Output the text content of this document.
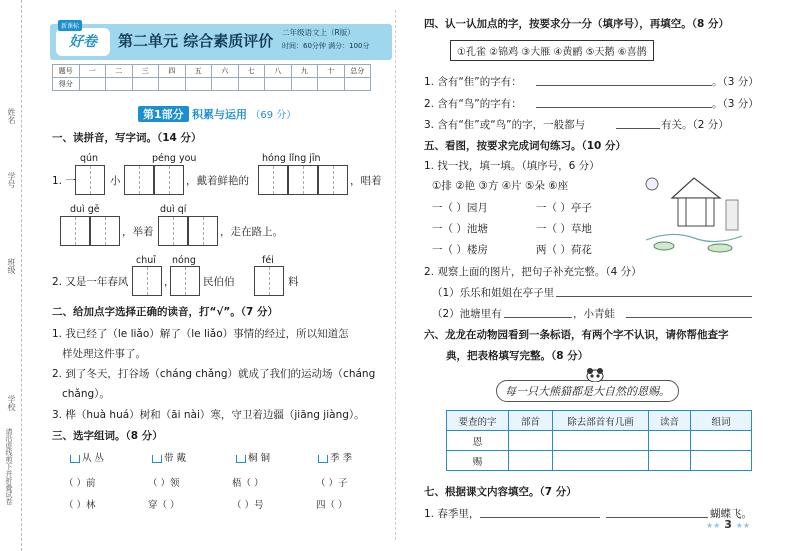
姓名
学号
班级
学校
请沿虚线剪下并折叠试卷
好卷
新课标
第二单元 综合素质评价 二年级语文上（R版）
时间：60分钟 满分：100分
题号	一	二	三	四	五	六	七	八	九	十	总分
得分											
第1部分 积累与运用 （69 分）
一、读拼音，写字词。（14 分）
qún	péng you	hóng lǐng jīn
1. 一	小	，戴着鲜艳的	，唱着
duì gē	duì qí
，举着	，走在路上。
chuī nóng	féi
2. 又是一年春风	，	民伯伯	料
二、给加点字选择正确的读音，打“√”。（7 分）
1. 我已经了（le liǎo）解了（le liǎo）事情的经过，所以知道怎
样处理这件事了。
2. 到了冬天，打谷场（cháng chǎng）就成了我们的运动场（cháng
chǎng）。
3. 桦（huà huá）树和（āi nài）寒，守卫着边疆（jiāng jiàng）。
三、选字组词。（8 分）
从 丛	带 戴	桐 铜	季 季
（ ）前	（ ）领	梧（ ）	（ ）子
（ ）林	穿（ ）	（ ）号	四（ ）
四、认一认加点的字，按要求分一分（填序号），再填空。（8 分）
①孔雀 ②锦鸡 ③大雁 ④黄鹂 ⑤天鹅 ⑥喜鹊
1. 含有“隹”的字有：	。（3 分）
2. 含有“鸟”的字有：	。（3 分）
3. 含有“隹”或“鸟”的字，一般都与	有关。（2 分）
五、看图，按要求完成词句练习。（10 分）
1. 找一找，填一填。（填序号，6 分）
①排 ②艳 ③方 ④片 ⑤朵 ⑥座
一（ ）园月	一（ ）亭子
一（ ）池塘	一（ ）草地
一（ ）楼房	两（ ）荷花
2. 观察上面的图片，把句子补充完整。（4 分）
（1）乐乐和姐姐在亭子里
（2）池塘里有	，小青蛙
六、龙龙在动物园看到一条标语，有两个字不认识，请你帮他查字
典，把表格填写完整。（8 分）
每一只大熊猫都是大自然的恩赐。
要查的字	部首	除去部首有几画	读音	组词
恩				
赐				
七、根据课文内容填空。（7 分）
1. 春季里，	蝴蝶飞。
★★ 3 ★★
